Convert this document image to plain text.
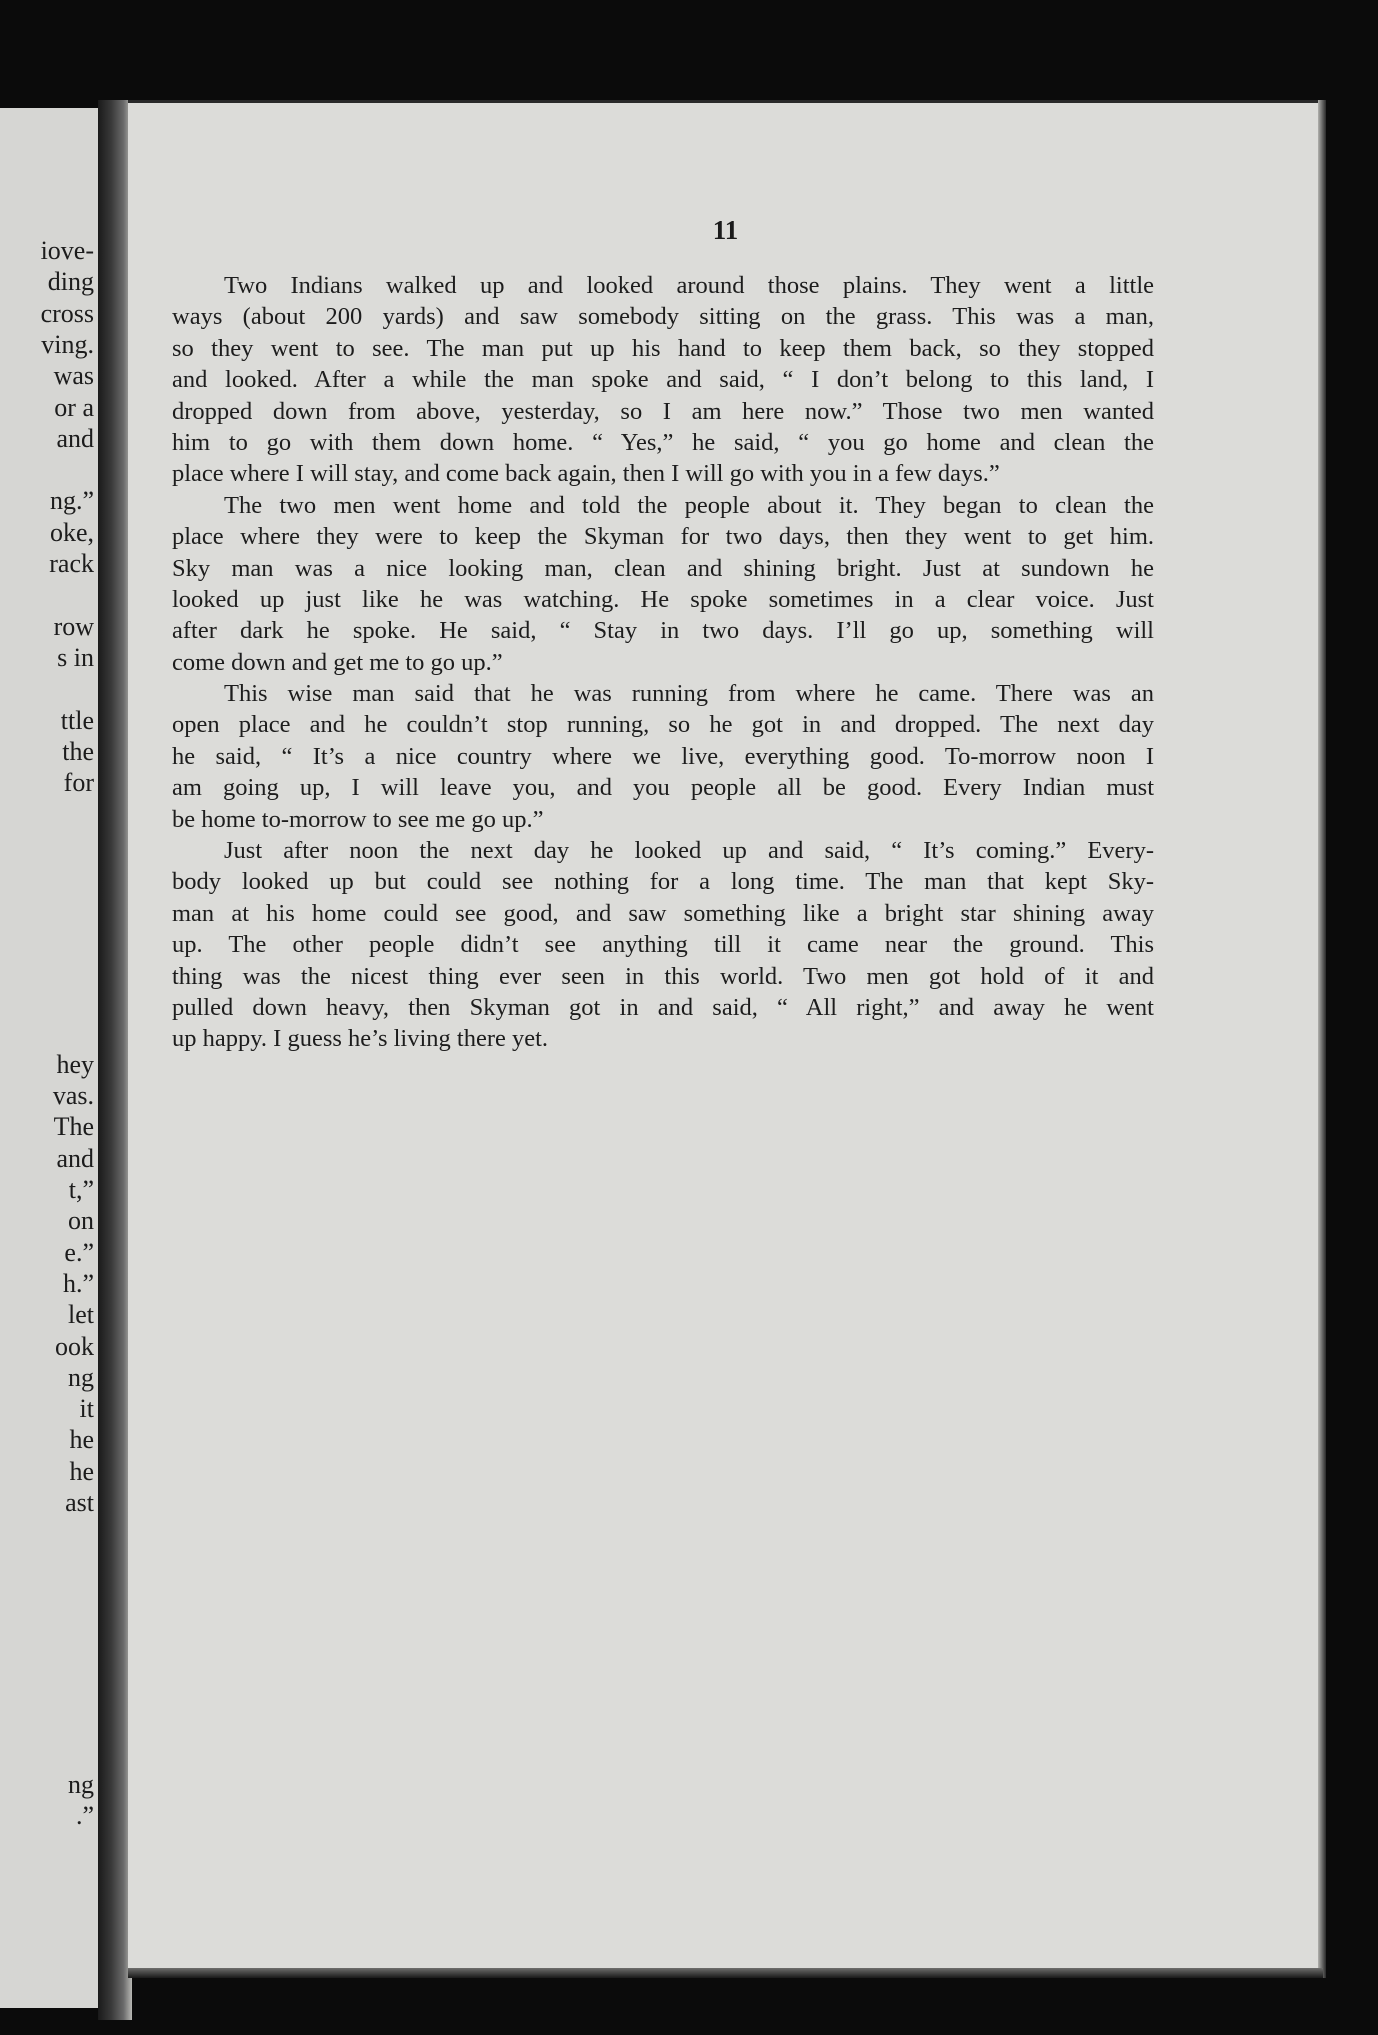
iove-
ding
cross
ving.
was
or a
and
ng.”
oke,
rack
row
s in
ttle
the
for
hey
vas.
The
and
t,”
on
e.”
h.”
let
ook
ng
it
he
he
ast
ng
.”
11
Two Indians walked up and looked around those plains. They went a little
ways (about 200 yards) and saw somebody sitting on the grass. This was a man,
so they went to see. The man put up his hand to keep them back, so they stopped
and looked. After a while the man spoke and said, “ I don’t belong to this land, I
dropped down from above, yesterday, so I am here now.” Those two men wanted
him to go with them down home. “ Yes,” he said, “ you go home and clean the
place where I will stay, and come back again, then I will go with you in a few days.”
The two men went home and told the people about it. They began to clean the
place where they were to keep the Skyman for two days, then they went to get him.
Sky man was a nice looking man, clean and shining bright. Just at sundown he
looked up just like he was watching. He spoke sometimes in a clear voice. Just
after dark he spoke. He said, “ Stay in two days. I’ll go up, something will
come down and get me to go up.”
This wise man said that he was running from where he came. There was an
open place and he couldn’t stop running, so he got in and dropped. The next day
he said, “ It’s a nice country where we live, everything good. To-morrow noon I
am going up, I will leave you, and you people all be good. Every Indian must
be home to-morrow to see me go up.”
Just after noon the next day he looked up and said, “ It’s coming.” Every-
body looked up but could see nothing for a long time. The man that kept Sky-
man at his home could see good, and saw something like a bright star shining away
up. The other people didn’t see anything till it came near the ground. This
thing was the nicest thing ever seen in this world. Two men got hold of it and
pulled down heavy, then Skyman got in and said, “ All right,” and away he went
up happy. I guess he’s living there yet.
